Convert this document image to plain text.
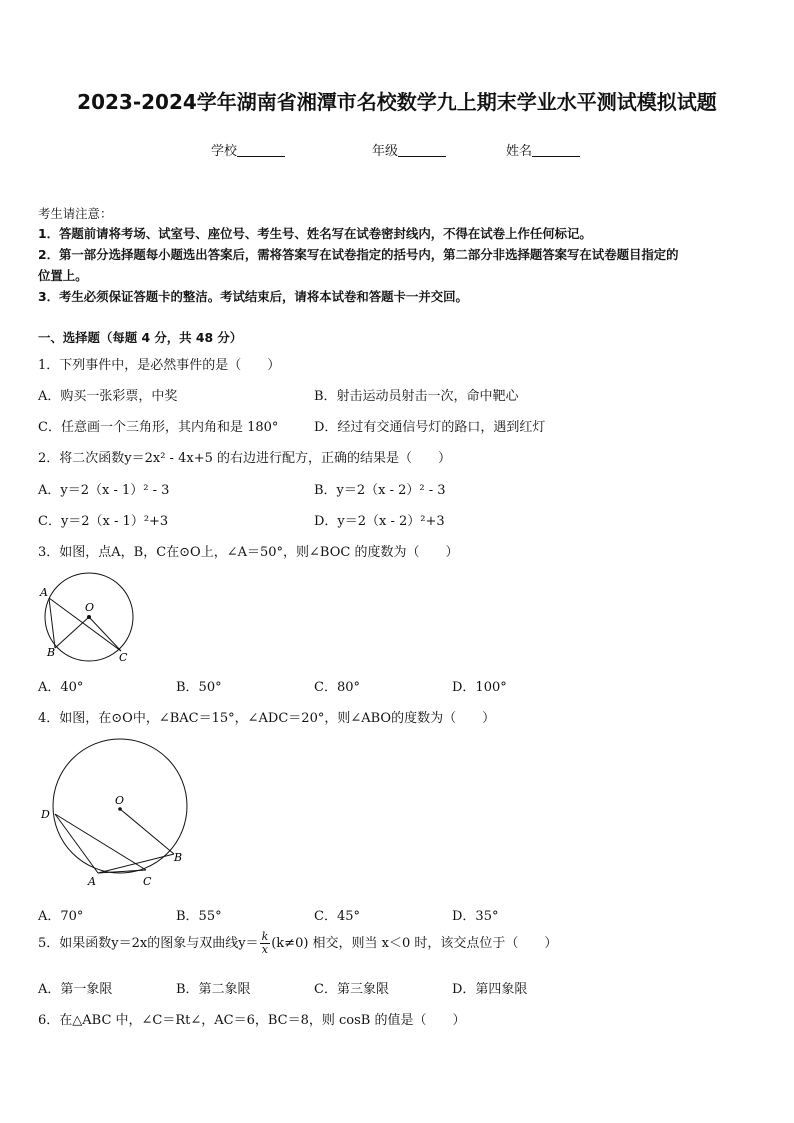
2023-2024学年湖南省湘潭市名校数学九上期末学业水平测试模拟试题
学校	年级	姓名
考生请注意：
1．答题前请将考场、试室号、座位号、考生号、姓名写在试卷密封线内，不得在试卷上作任何标记。
2．第一部分选择题每小题选出答案后，需将答案写在试卷指定的括号内，第二部分非选择题答案写在试卷题目指定的
位置上。
3．考生必须保证答题卡的整洁。考试结束后，请将本试卷和答题卡一并交回。
一、选择题（每题 4 分，共 48 分）
1．下列事件中，是必然事件的是（　　）
A．购买一张彩票，中奖	B．射击运动员射击一次，命中靶心
C．任意画一个三角形，其内角和是 180°	D．经过有交通信号灯的路口，遇到红灯
2．将二次函数y＝2x² - 4x+5 的右边进行配方，正确的结果是（　　）
A．y＝2（x - 1）² - 3	B．y＝2（x - 2）² - 3
C．y＝2（x - 1）²+3	D．y＝2（x - 2）²+3
3．如图，点A，B，C在⊙O上，∠A＝50°，则∠BOC 的度数为（　　）
A
O
B	C
A．40°	B．50°	C．80°	D．100°
4．如图，在⊙O中，∠BAC＝15°，∠ADC＝20°，则∠ABO的度数为（　　）
O
D
B
A	C
A．70°	B．55°	C．45°	D．35°
5．如果函数y＝2x的图象与双曲线$y= \frac{k}{x} (k\ne 0)$ 相交，则当 x＜0 时，该交点位于（　　）
A．第一象限	B．第二象限	C．第三象限	D．第四象限
6．在△ABC 中，∠C＝Rt∠，AC＝6，BC＝8，则 cosB 的值是（　　）
